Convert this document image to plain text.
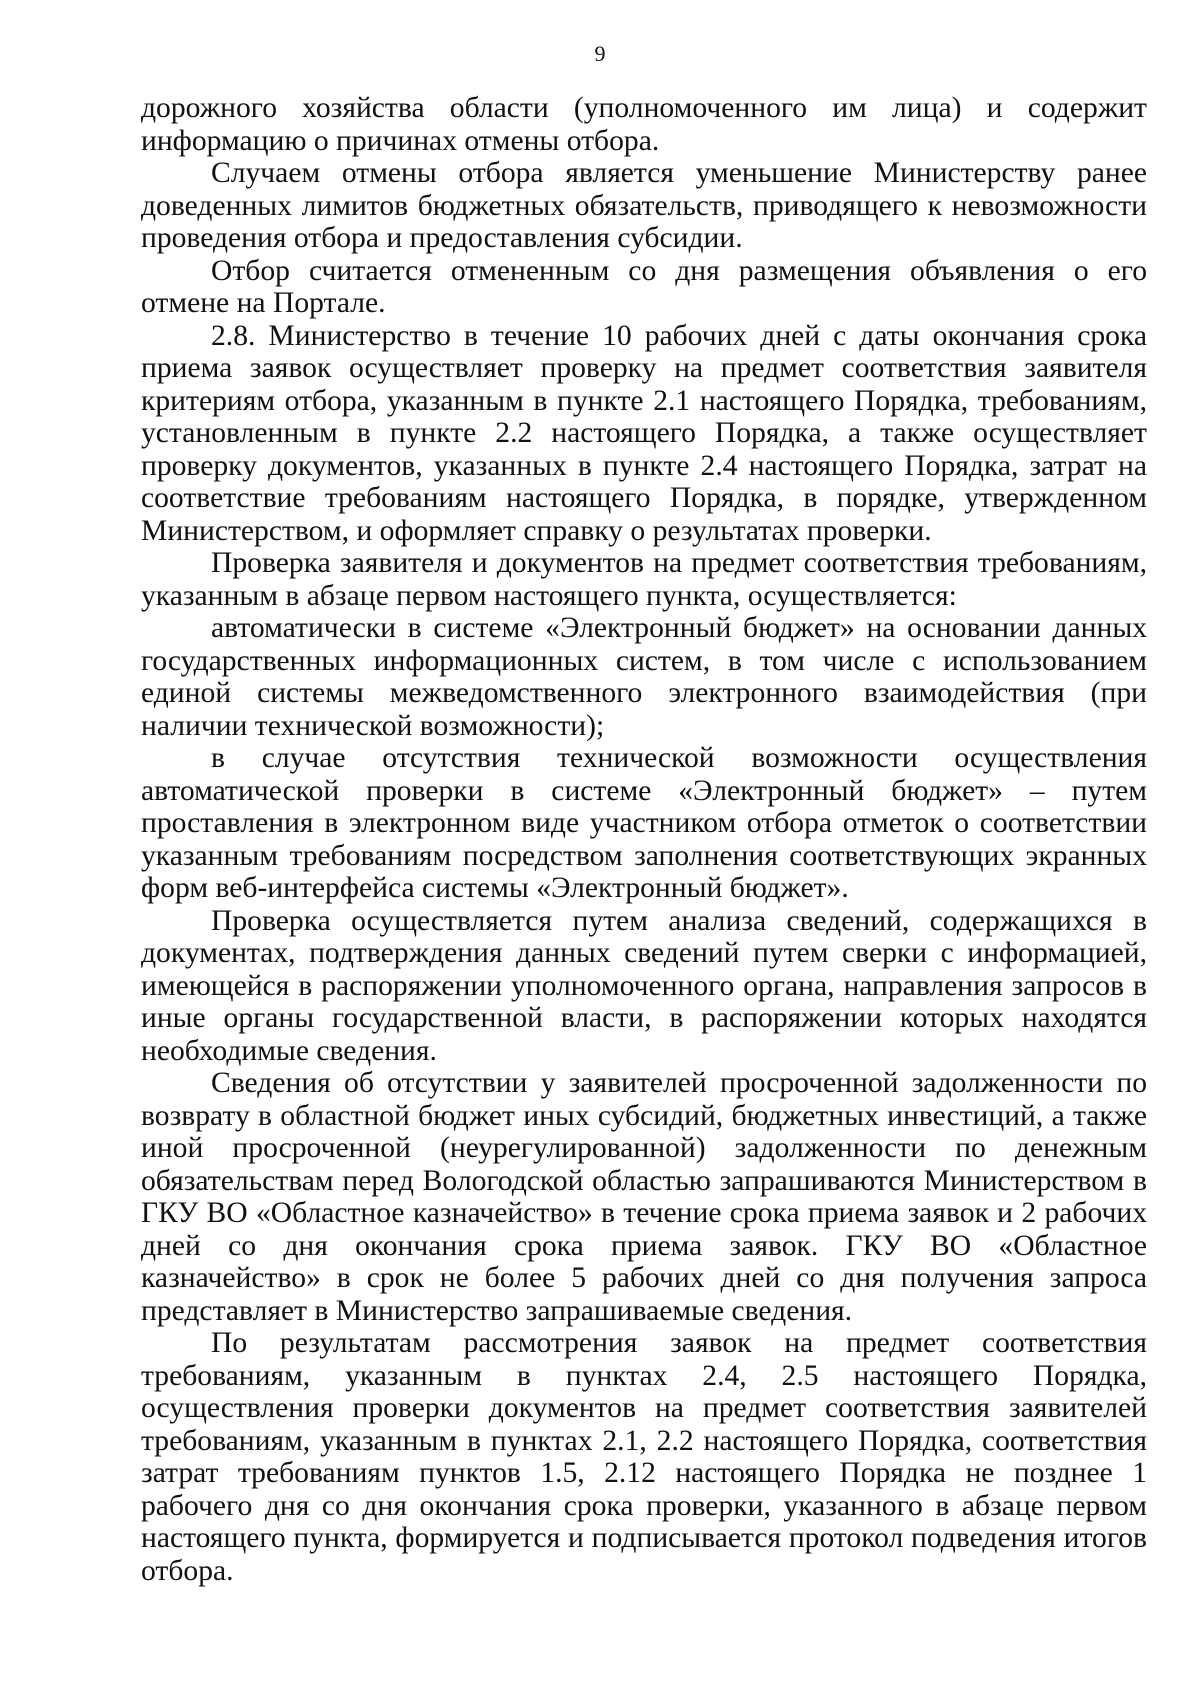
9

дорожного хозяйства области (уполномоченного им лица) и содержит информацию о причинах отмены отбора.

Случаем отмены отбора является уменьшение Министерству ранее доведенных лимитов бюджетных обязательств, приводящего к невозможности проведения отбора и предоставления субсидии.

Отбор считается отмененным со дня размещения объявления о его отмене на Портале.

2.8. Министерство в течение 10 рабочих дней с даты окончания срока приема заявок осуществляет проверку на предмет соответствия заявителя критериям отбора, указанным в пункте 2.1 настоящего Порядка, требованиям, установленным в пункте 2.2 настоящего Порядка, а также осуществляет проверку документов, указанных в пункте 2.4 настоящего Порядка, затрат на соответствие требованиям настоящего Порядка, в порядке, утвержденном Министерством, и оформляет справку о результатах проверки.

Проверка заявителя и документов на предмет соответствия требованиям, указанным в абзаце первом настоящего пункта, осуществляется:

автоматически в системе «Электронный бюджет» на основании данных государственных информационных систем, в том числе с использованием единой системы межведомственного электронного взаимодействия (при наличии технической возможности);

в случае отсутствия технической возможности осуществления автоматической проверки в системе «Электронный бюджет» – путем проставления в электронном виде участником отбора отметок о соответствии указанным требованиям посредством заполнения соответствующих экранных форм веб-интерфейса системы «Электронный бюджет».

Проверка осуществляется путем анализа сведений, содержащихся в документах, подтверждения данных сведений путем сверки с информацией, имеющейся в распоряжении уполномоченного органа, направления запросов в иные органы государственной власти, в распоряжении которых находятся необходимые сведения.

Сведения об отсутствии у заявителей просроченной задолженности по возврату в областной бюджет иных субсидий, бюджетных инвестиций, а также иной просроченной (неурегулированной) задолженности по денежным обязательствам перед Вологодской областью запрашиваются Министерством в ГКУ ВО «Областное казначейство» в течение срока приема заявок и 2 рабочих дней со дня окончания срока приема заявок. ГКУ ВО «Областное казначейство» в срок не более 5 рабочих дней со дня получения запроса представляет в Министерство запрашиваемые сведения.

По результатам рассмотрения заявок на предмет соответствия требованиям, указанным в пунктах 2.4, 2.5 настоящего Порядка, осуществления проверки документов на предмет соответствия заявителей требованиям, указанным в пунктах 2.1, 2.2 настоящего Порядка, соответствия затрат требованиям пунктов 1.5, 2.12 настоящего Порядка не позднее 1 рабочего дня со дня окончания срока проверки, указанного в абзаце первом настоящего пункта, формируется и подписывается протокол подведения итогов отбора.
